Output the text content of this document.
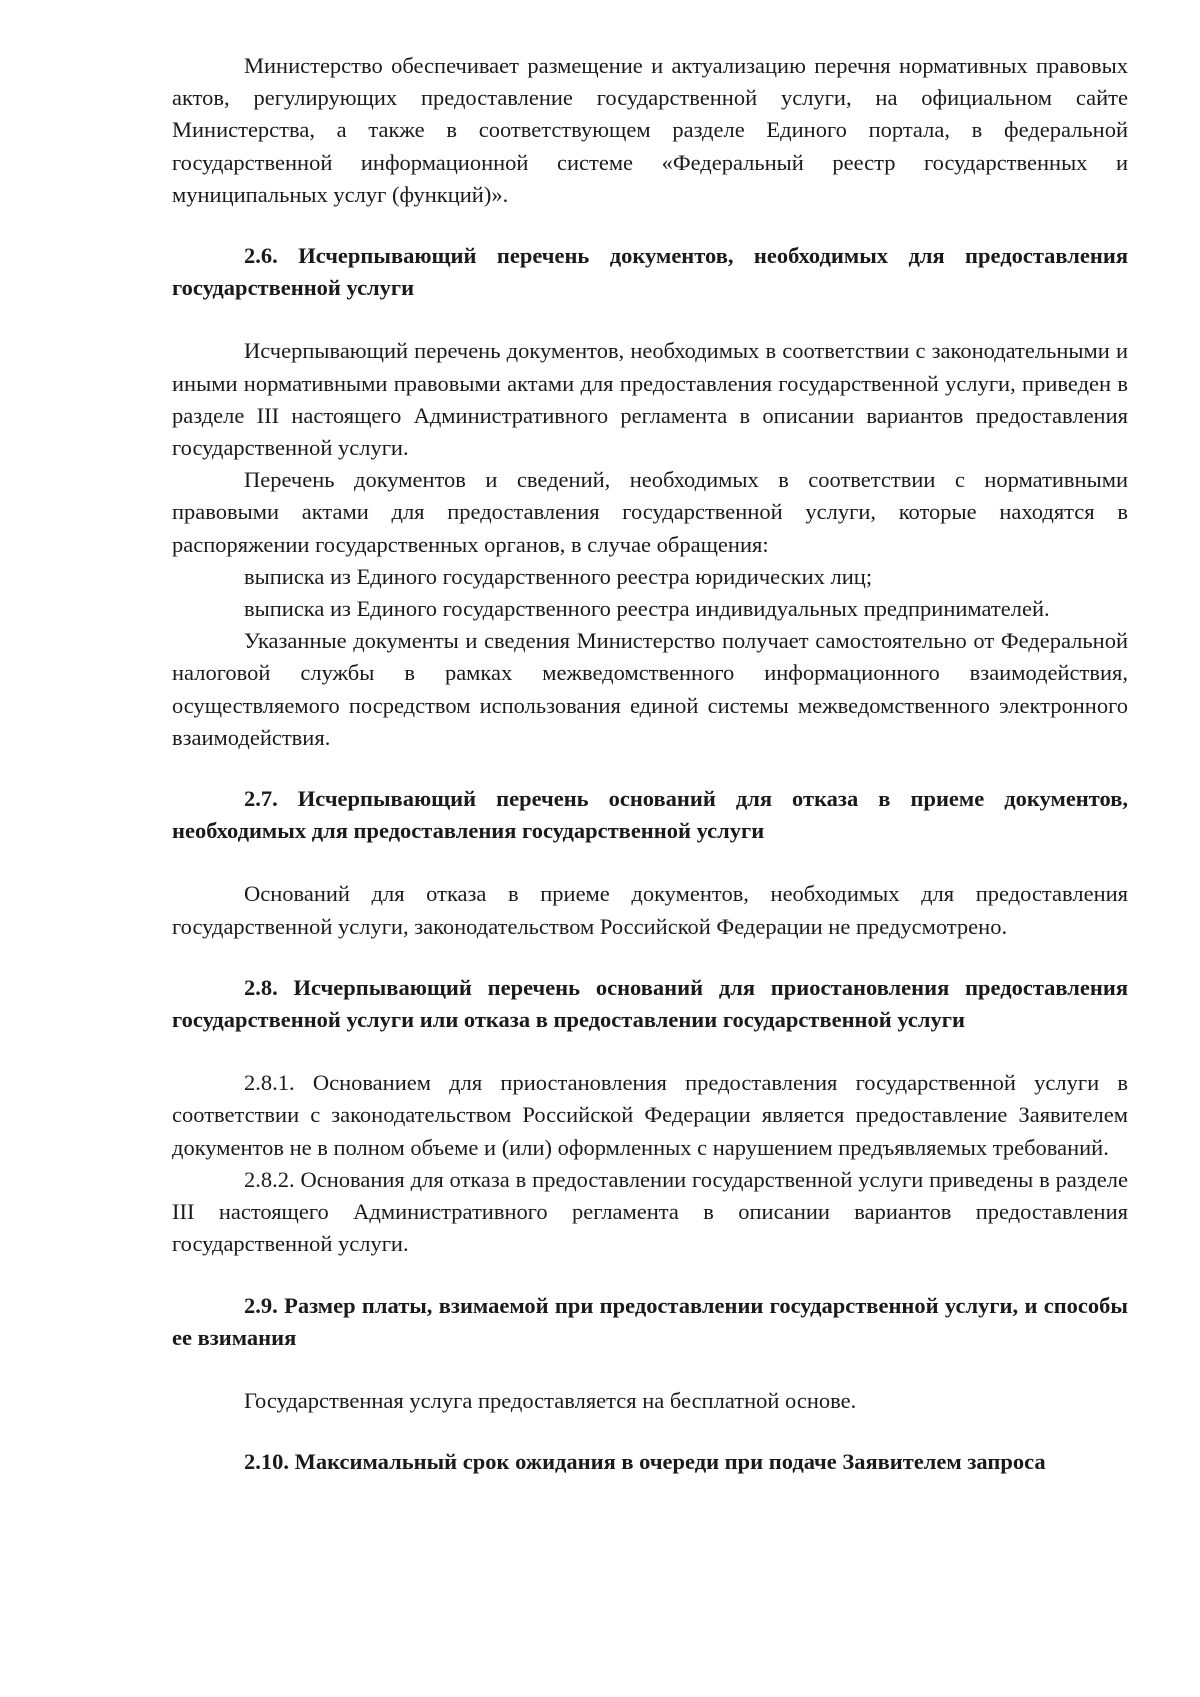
Министерство обеспечивает размещение и актуализацию перечня нормативных правовых актов, регулирующих предоставление государственной услуги, на официальном сайте Министерства, а также в соответствующем разделе Единого портала, в федеральной государственной информационной системе «Федеральный реестр государственных и муниципальных услуг (функций)».

2.6. Исчерпывающий перечень документов, необходимых для предоставления государственной услуги

Исчерпывающий перечень документов, необходимых в соответствии с законодательными и иными нормативными правовыми актами для предоставления государственной услуги, приведен в разделе III настоящего Административного регламента в описании вариантов предоставления государственной услуги.

Перечень документов и сведений, необходимых в соответствии с нормативными правовыми актами для предоставления государственной услуги, которые находятся в распоряжении государственных органов, в случае обращения:

выписка из Единого государственного реестра юридических лиц;

выписка из Единого государственного реестра индивидуальных предпринимателей.

Указанные документы и сведения Министерство получает самостоятельно от Федеральной налоговой службы в рамках межведомственного информационного взаимодействия, осуществляемого посредством использования единой системы межведомственного электронного взаимодействия.

2.7. Исчерпывающий перечень оснований для отказа в приеме документов, необходимых для предоставления государственной услуги

Оснований для отказа в приеме документов, необходимых для предоставления государственной услуги, законодательством Российской Федерации не предусмотрено.

2.8. Исчерпывающий перечень оснований для приостановления предоставления государственной услуги или отказа в предоставлении государственной услуги

2.8.1. Основанием для приостановления предоставления государственной услуги в соответствии с законодательством Российской Федерации является предоставление Заявителем документов не в полном объеме и (или) оформленных с нарушением предъявляемых требований.

2.8.2. Основания для отказа в предоставлении государственной услуги приведены в разделе III настоящего Административного регламента в описании вариантов предоставления государственной услуги.

2.9. Размер платы, взимаемой при предоставлении государственной услуги, и способы ее взимания

Государственная услуга предоставляется на бесплатной основе.

2.10. Максимальный срок ожидания в очереди при подаче Заявителем запроса
